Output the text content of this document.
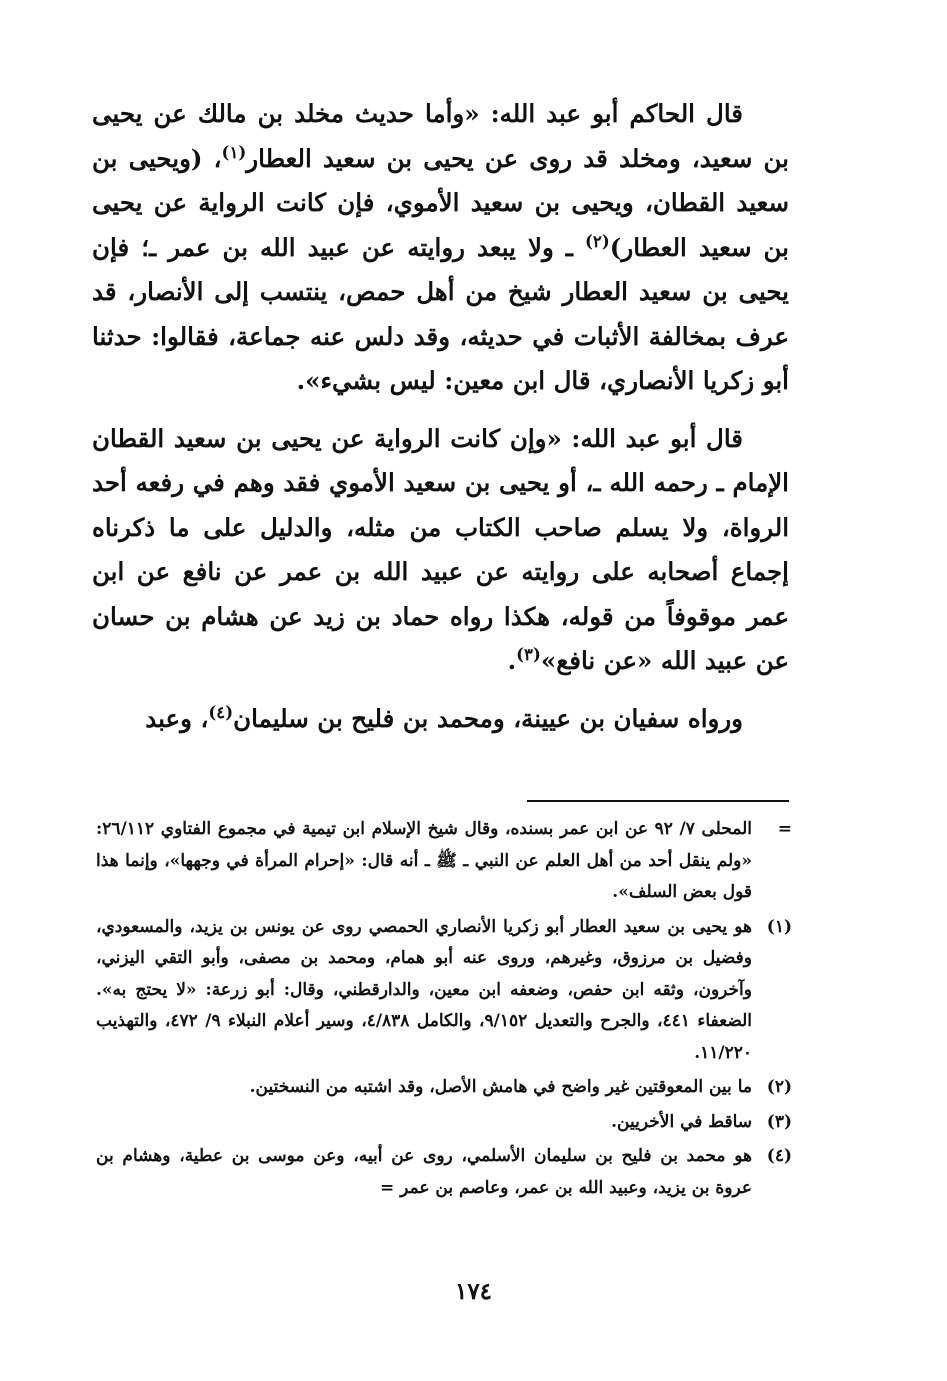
قال الحاكم أبو عبد الله: «وأما حديث مخلد بن مالك عن يحيى بن سعيد، ومخلد قد روى عن يحيى بن سعيد العطار$^{(١)}$، (ويحيى بن سعيد القطان، ويحيى بن سعيد الأموي، فإن كانت الرواية عن يحيى بن سعيد العطار)$^{(٢)}$ ـ ولا يبعد روايته عن عبيد الله بن عمر ـ؛ فإن يحيى بن سعيد العطار شيخ من أهل حمص، ينتسب إلى الأنصار، قد عرف بمخالفة الأثبات في حديثه، وقد دلس عنه جماعة، فقالوا: حدثنا أبو زكريا الأنصاري، قال ابن معين: ليس بشيء».

قال أبو عبد الله: «وإن كانت الرواية عن يحيى بن سعيد القطان الإمام ـ رحمه الله ـ، أو يحيى بن سعيد الأموي فقد وهم في رفعه أحد الرواة، ولا يسلم صاحب الكتاب من مثله، والدليل على ما ذكرناه إجماع أصحابه على روايته عن عبيد الله بن عمر عن نافع عن ابن عمر موقوفاً من قوله، هكذا رواه حماد بن زيد عن هشام بن حسان عن عبيد الله «عن نافع»$^{(٣)}$.

ورواه سفيان بن عيينة، ومحمد بن فليح بن سليمان$^{(٤)}$، وعبد

=
المحلى ٧/ ٩٢ عن ابن عمر بسنده، وقال شيخ الإسلام ابن تيمية في مجموع الفتاوي ٢٦/١١٢: «ولم ينقل أحد من أهل العلم عن النبي ـ ﷺ ـ أنه قال: «إحرام المرأة في وجهها»، وإنما هذا قول بعض السلف».

(١)
هو يحيى بن سعيد العطار أبو زكريا الأنصاري الحمصي روى عن يونس بن يزيد، والمسعودي، وفضيل بن مرزوق، وغيرهم، وروى عنه أبو همام، ومحمد بن مصفى، وأبو التقي اليزني، وآخرون، وثقه ابن حفص، وضعفه ابن معين، والدارقطني، وقال: أبو زرعة: «لا يحتج به». الضعفاء ٤٤١، والجرح والتعديل ٩/١٥٢، والكامل ٤/٨٣٨، وسير أعلام النبلاء ٩/ ٤٧٢، والتهذيب ١١/٢٢٠.

(٢)
ما بين المعوقتين غير واضح في هامش الأصل، وقد اشتبه من النسختين.

(٣)
ساقط في الأخريين.

(٤)
هو محمد بن فليح بن سليمان الأسلمي، روى عن أبيه، وعن موسى بن عطية، وهشام بن عروة بن يزيد، وعبيد الله بن عمر، وعاصم بن عمر =

١٧٤
